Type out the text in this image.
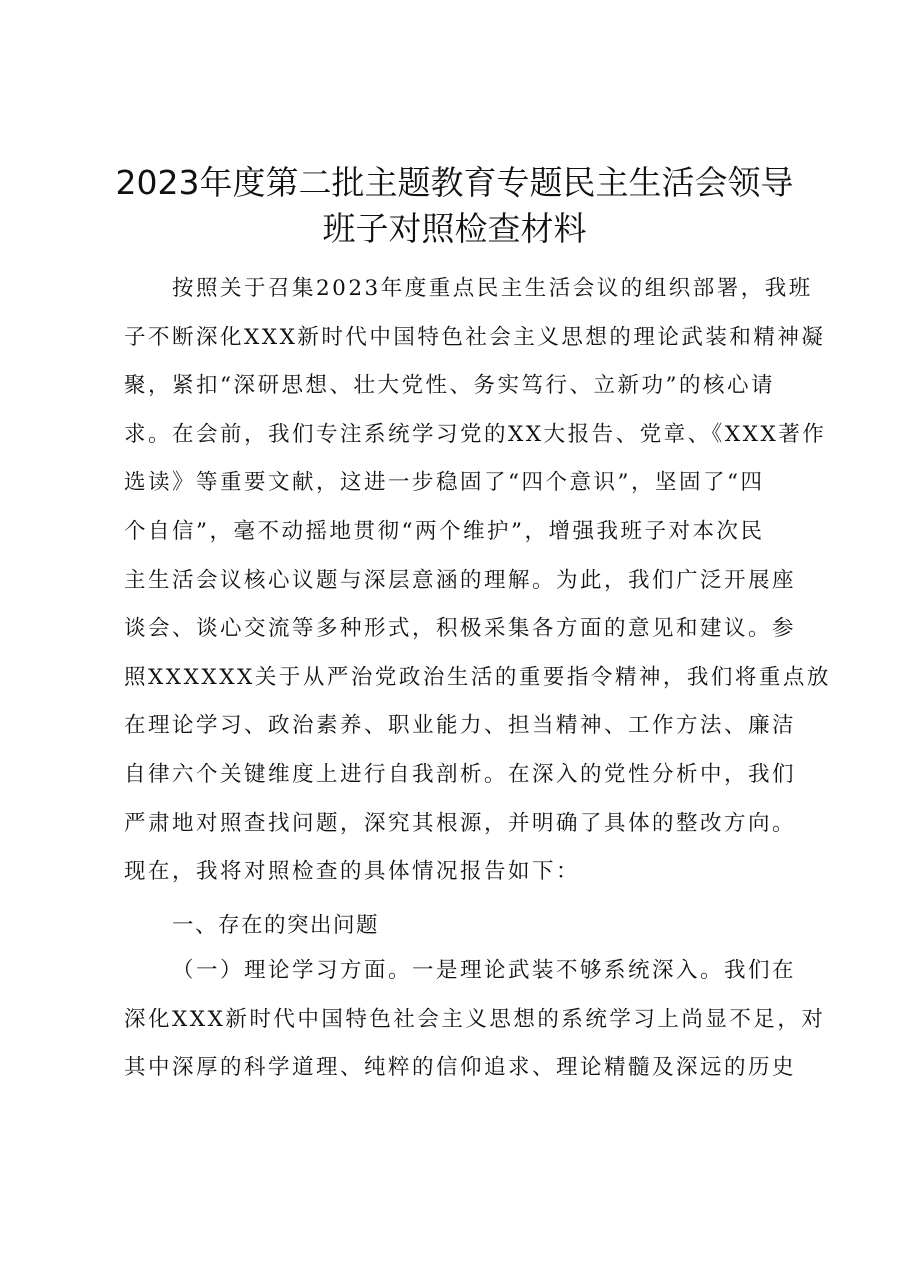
2023年度第二批主题教育专题民主生活会领导
班子对照检查材料

按照关于召集2023年度重点民主生活会议的组织部署，我班
子不断深化XXX新时代中国特色社会主义思想的理论武装和精神凝
聚，紧扣“深研思想、壮大党性、务实笃行、立新功”的核心请
求。在会前，我们专注系统学习党的XX大报告、党章、《XXX著作
选读》等重要文献，这进一步稳固了“四个意识”，坚固了“四
个自信”，毫不动摇地贯彻“两个维护”，增强我班子对本次民
主生活会议核心议题与深层意涵的理解。为此，我们广泛开展座
谈会、谈心交流等多种形式，积极采集各方面的意见和建议。参
照XXXXXX关于从严治党政治生活的重要指令精神，我们将重点放
在理论学习、政治素养、职业能力、担当精神、工作方法、廉洁
自律六个关键维度上进行自我剖析。在深入的党性分析中，我们
严肃地对照查找问题，深究其根源，并明确了具体的整改方向。
现在，我将对照检查的具体情况报告如下：

一、存在的突出问题

（一）理论学习方面。一是理论武装不够系统深入。我们在
深化XXX新时代中国特色社会主义思想的系统学习上尚显不足，对
其中深厚的科学道理、纯粹的信仰追求、理论精髓及深远的历史
